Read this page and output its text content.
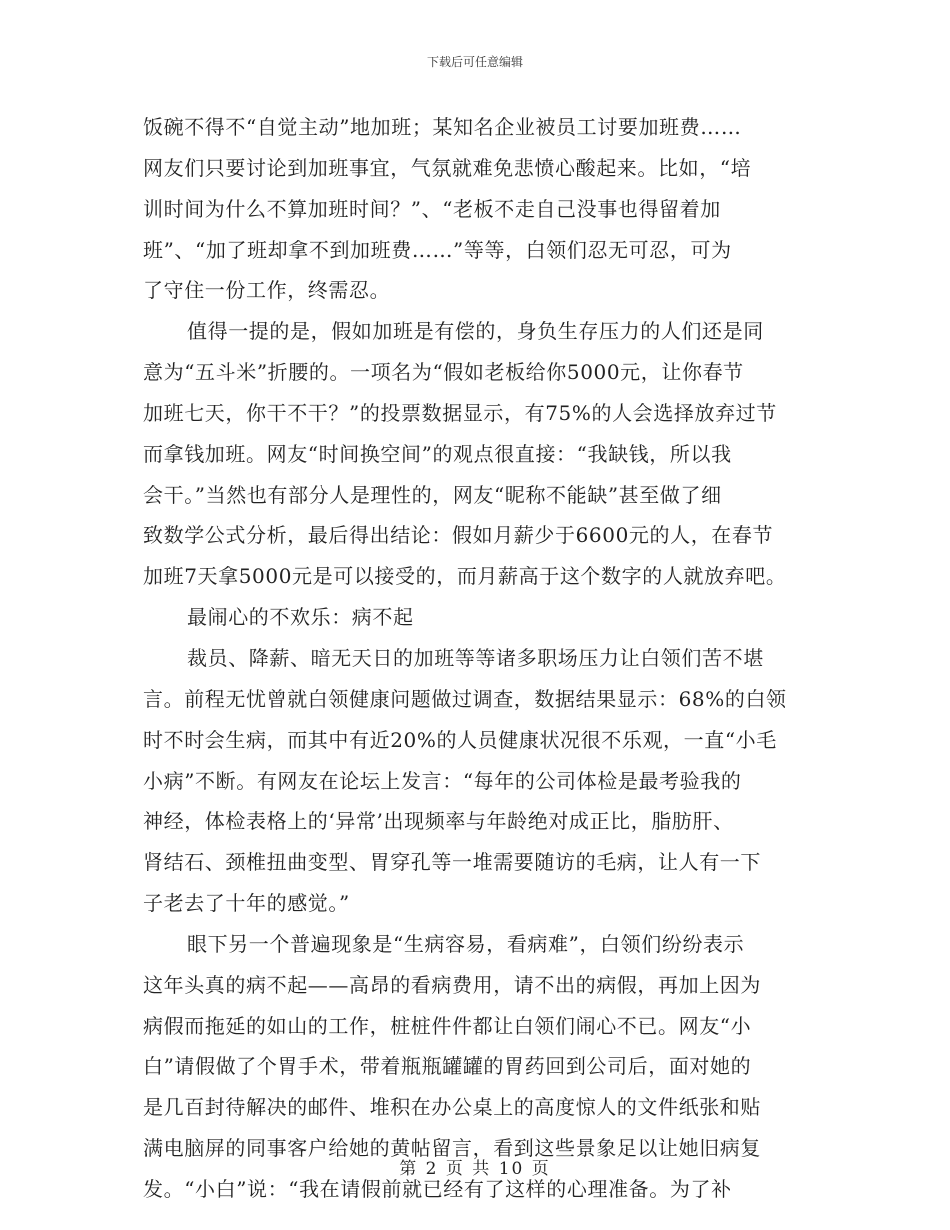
下载后可任意编辑
饭碗不得不“自觉主动”地加班；某知名企业被员工讨要加班费……
网友们只要讨论到加班事宜，气氛就难免悲愤心酸起来。比如，“培
训时间为什么不算加班时间？”、“老板不走自己没事也得留着加
班”、“加了班却拿不到加班费……”等等，白领们忍无可忍，可为
了守住一份工作，终需忍。
值得一提的是，假如加班是有偿的，身负生存压力的人们还是同
意为“五斗米”折腰的。一项名为“假如老板给你5000元，让你春节
加班七天，你干不干？”的投票数据显示，有75%的人会选择放弃过节
而拿钱加班。网友“时间换空间”的观点很直接：“我缺钱，所以我
会干。”当然也有部分人是理性的，网友“昵称不能缺”甚至做了细
致数学公式分析，最后得出结论：假如月薪少于6600元的人，在春节
加班7天拿5000元是可以接受的，而月薪高于这个数字的人就放弃吧。
最闹心的不欢乐：病不起
裁员、降薪、暗无天日的加班等等诸多职场压力让白领们苦不堪
言。前程无忧曾就白领健康问题做过调查，数据结果显示：68%的白领
时不时会生病，而其中有近20%的人员健康状况很不乐观，一直“小毛
小病”不断。有网友在论坛上发言：“每年的公司体检是最考验我的
神经，体检表格上的‘异常’出现频率与年龄绝对成正比，脂肪肝、
肾结石、颈椎扭曲变型、胃穿孔等一堆需要随访的毛病，让人有一下
子老去了十年的感觉。”
眼下另一个普遍现象是“生病容易，看病难”，白领们纷纷表示
这年头真的病不起——高昂的看病费用，请不出的病假，再加上因为
病假而拖延的如山的工作，桩桩件件都让白领们闹心不已。网友“小
白”请假做了个胃手术，带着瓶瓶罐罐的胃药回到公司后，面对她的
是几百封待解决的邮件、堆积在办公桌上的高度惊人的文件纸张和贴
满电脑屏的同事客户给她的黄帖留言，看到这些景象足以让她旧病复
发。“小白”说：“我在请假前就已经有了这样的心理准备。为了补
第 2 页 共 10 页
